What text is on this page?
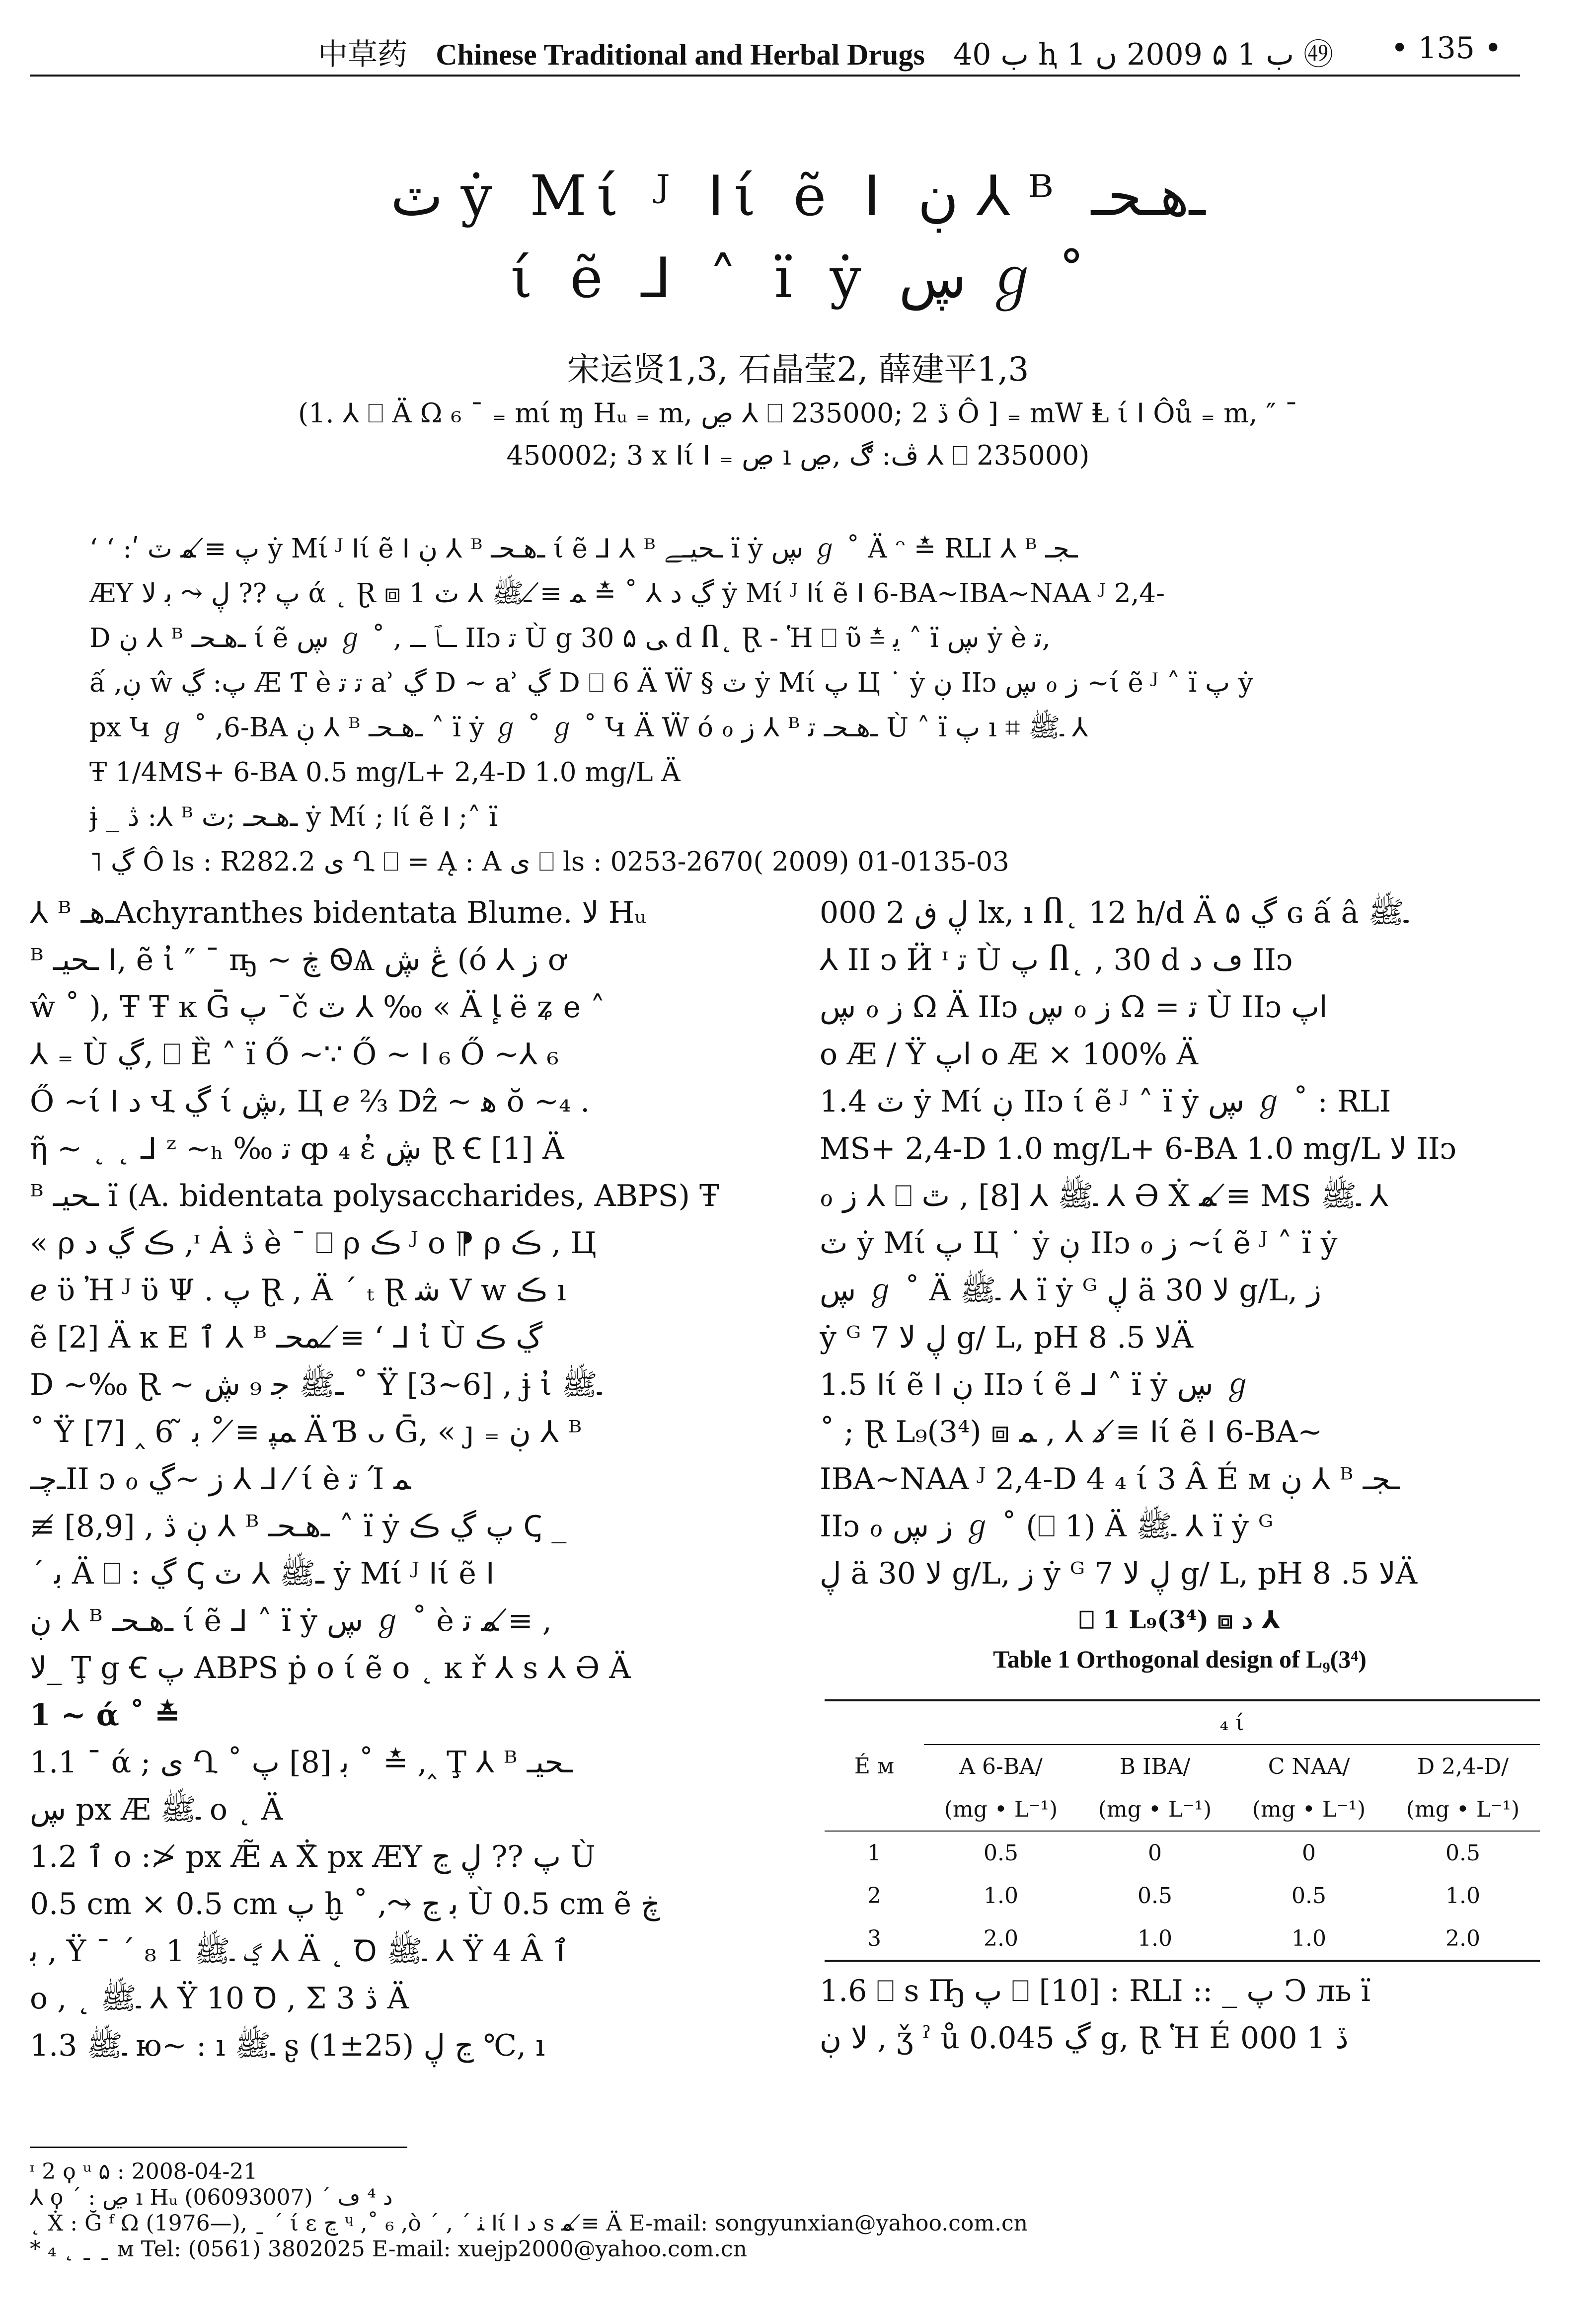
中草药 Chinese Traditional and Herbal Drugs ب 40 ⱨ ب 1 ۵ 2009 ں 1 ㊾ • 135 •
ٽ ẏ Mί ᴶ ⵏί ẽ ⵏ ڹ ⅄ ᴮ ـﮬـحـ
ί ẽ ⅃ ˄ ï ẏ ڛ ℊ ˚
宋运贤1,3, 石晶莹2, 薛建平1,3
(1. ⅄ ⎕ Ä Ω ₆ ˉ ₌ mί ɱ Hᵤ ₌ m, ڝ ⅄ ⎕ 235000; 2 ڏ Ô ] ₌ mW Ⱡ ί ⵏ Ôů ₌ m, ″ ˉ
450002; 3 x ⵏί ⵏ ₌ ڝ ı ڤ: ڰ ,ڝ ⅄ ⎕ 235000)

ʻ ʻ :ʹ پ ≢ ﻤ ٽ ẏ Mί ᴶ ⵏί ẽ ⵏ ڹ ⅄ ᴮ ـﮬـحـ ί ẽ ⅃ ⅄ ᴮ ـﺤﯿـﮯ ï ẏ ڛ ℊ ˚ Ä ᵔ ≛ RLI ⅄ ᴮ ـﺠـ

ÆY پ ?? ڸ ⤳ ﺑ ﻻ ά ˛ Ɽ ⧈ 1 ڲ ﺩ ⅄ ˚ ≛ ﻤ ≢ ـﷺ ⅄ ٽ ẏ Mί ᴶ ⵏί ẽ ⵏ 6-BA~IBA~NAA ᴶ 2,4-

D ڹ ⅄ ᴮ ـﮬـحـ ί ẽ ڛ ℊ ˚ , ـــﭑ ـــ IIᴐ ﺗ Ù g ﯽ ۵ 30 d Ⴖ˛ Ɽ ‐ Ἡ ⎕ ῦ ≛ ﻳ ˄ ï ڛ ẏ è ﺗ,

ấ ,ڹ ŵ پ: ڲ Æ Ƭ è ﺗ ﺗ ẚ ڲ D ~ ẚ ڲ D ⎕ 6 Ä Ẅ § ٽ ẏ Mί پ Ц ˙ ẏ ڹ IIᴐ ڛ ℴ ﺯ ~ί ẽ ᴶ ˄ ï پ ẏ

px Կ ℊ ˚ ,6-BA ڹ ⅄ ᴮ ـﮬـحـ ˄ ï ẏ ℊ ˚ ℊ ˚ Կ Ä Ẅ ό ℴ ﺯ ⅄ ᴮ ـﮬـحـ ﺗ Ù ˄ ï پ ı ⌗ ـﷺ ⅄

Ŧ 1/4MS+ 6-BA 0.5 mg/L+ 2,4-D 1.0 mg/L Ä

ɉ _ ڎ :⅄ ᴮ ـﮬـحـ ;ٽ ẏ Mί ; ⵏί ẽ ⵏ ;˄ ï

˥ ڲ Ô ls : R282.2 ى Ղ ⎕ = Ą : A ى ⎕ ls : 0253-2670( 2009) 01-0135-03

⅄ ᴮ ـﮬـAchyranthes bidentata Blume. ﻻ Hᵤ

ᴮ ـﺤﯿـ ⵏ, ẽ ἰ ″ ˉ ҧ ~ ڿ ᏫѦ ڠ ڜ (ό ⅄ ﺯ ơ

ŵ ˚ ), Ŧ Ŧ ĸ Ḡ پ ˉč ٽ ⅄ ‰ « Ä ﺈ ë ʑ e ˄

⅄ ₌ Ù ڲ, ⎕ Ȅ ˄ ï Ő ~∵ Ő ~ ⵏ ₆ Ő ~⅄ ₆

Ő ~ί ⵏ ﺩ Վ ڲ ί ڜ, Ц ℯ ⅔ Dẑ ~ ﻫ ŏ ~₄ .

ῆ ~ ˛ ˛ ⅃ ᶻ ~ₕ ‰ ﺗ ȹ ₄ ἐ ڜ Ɽ Ꞓ [1] Ä

ᴮ ـﺤﯿـ ï (A. bidentata polysaccharides, ABPS) Ŧ

« ρ ڪ ڲ ﺩ ,ᶦ Ȧ ڎ è ˉ ⎕ ρ ڪ ᴶ ο ⁋ ρ ڪ , Ц

ℯ ϋ Ἠ ᴶ ϋ Ψ . پ Ɽ , Ä ˊ ₜ Ɽ ﺷ V w ڪ ı

ẽ [2] Ä ĸ E ٱ ⅄ ᴮ ـﻤﺤـ ≢ ʻ ⅃ ἰ Ù ڲ ڪ

D ~‰ Ɽ ~ ـﷺ ﺟ ₉ ڜ ˚ Ÿ [3~6] , ɉ ἰ ـﷺ

˚ Ÿ ﻤﭙ ≢ ˚ ﺑ ̃ 6 ‸ [7] Ä Ɓ ᴗ Ḡ, « ȷ ₌ ڹ ⅄ ᴮ

ـﭼـII ᴐ ℴ ﺯ ~ڲ ⅄ ⅃ ⁄ ί è ﺗ Ί ﻤ

≢ [8,9] , ڹ ڎ ⅄ ᴮ ـﮬـحـ ˄ ï ẏ پ ڲ ڪ Ꞔ _

ˊ ﺑ Ä ⎕ : ڲ Ꞔ ـﷺ ⅄ ٽ ẏ Mί ᴶ ⵏί ẽ ⵏ

ڹ ⅄ ᴮ ـﮬـحـ ί ẽ ⅃ ˄ ï ẏ ڛ ℊ ˚ è ﻤ ﺗ ≢ ,

ﻻ_ Ţ g Ꞓ پ ABPS ṗ ο ί ẽ ο ˛ ĸ ř ⅄ s ⅄ Ә Ä

1 ~ ά ˚ ≛

1.1 ˉ ά ; ى Ղ ˚ ﺑ [8] پ ˚ ≛ ,‸ Ţ ⅄ ᴮ ـﺤﯿـ

ڛ px Æ ـﷺ ο ˛ Ä

1.2 ٱ ο :≯ px Æ̃ ᴀ Ẋ̄ px ÆY پ ?? ڸ ڃ Ù

0.5 cm × 0.5 cm پ ḫ ˚ ,⤳ ﺑ ڃ Ù 0.5 cm ẽ ڿ

ﺑ , Ÿ ˉ ˊ ₈ 1 ڲ ـﷺ ⅄ Ä ˛ Ꝺ ـﷺ ⅄ Ÿ 4 Â ٱ

ο , ˛ ـﷺ ⅄ Ÿ 10 Ꝺ , Σ 3 ڎ Ä

1.3 ـﷺ ю~ : ı ـﷺ ʂ ڃ ڸ (25±1) ℃, ı

ڸ ڧ 2 000 lx, ı Ⴖ˛ 12 h/d Ä ڲ ۵ ɢ ấ â ـﷺ

⅄ II ᴐ Ӥ ᶦ ﺗ Ù پ Ⴖ˛ , 30 d ڡ ﺩ IIᴐ

ڛ ℴ ﺯ Ω Ä IIᴐ ڛ ℴ ﺯ Ω = ﺗ Ù IIᴐ اپ

ο Æ / Ÿ اپ ο Æ × 100% Ä

1.4 ٽ ẏ Mί ڹ IIᴐ ί ẽ ᴶ ˄ ï ẏ ڛ ℊ ˚ : RLI

MS+ 2,4-D 1.0 mg/L+ 6-BA 1.0 mg/L ﻻ IIᴐ

ℴ ﺯ ⅄ ⎕ ـﷺ ⅄ [8] , ﭢ ⅄ Ә Ẋ ﻤ ≢ MS ـﷺ ⅄

ٽ ẏ Mί پ Ц ˙ ẏ ڹ IIᴐ ℴ ﺯ ~ί ẽ ᴶ ˄ ï ẏ

ڛ ℊ ˚ Ä ـﷺ ⅄ ï ẏ ᴳ ڸ ä ﻻ 30 g/L, ﺯ

ẏ ᴳ ڸ ﻻ 7 g/ L, pH ﻻ 5. 8Ä

1.5 ⵏί ẽ ⵏ ڹ IIᴐ ί ẽ ⅃ ˄ ï ẏ ڛ ℊ

˚ ; Ɽ L₉(3⁴) ⧈ ﺩ ⅄ , ﻤ ≢ ⵏί ẽ ⵏ 6-BA~

IBA~NAA ᴶ 2,4-D 4 ₄ ί 3 Â É ᴍ ڹ ⅄ ᴮ ـﺠـ

IIᴐ ℴ ﺯ ڛ ℊ ˚ (⎕ 1) Ä ـﷺ ⅄ ï ẏ ᴳ

ڸ ä ﻻ 30 g/L, ﺯ ẏ ᴳ ڸ ﻻ 7 g/ L, pH ﻻ 5. 8Ä

⎕ 1 L₉(3⁴) ⧈ ﺩ ⅄
Table 1 Orthogonal design of L₉(3⁴)
É ᴍ	₄ ί			
	A 6-BA/	B IBA/	C NAA/	D 2,4-D/
	(mg • L⁻¹)	(mg • L⁻¹)	(mg • L⁻¹)	(mg • L⁻¹)
1	0.5	0	0	0.5
2	1.0	0.5	0.5	1.0
3	2.0	1.0	1.0	2.0

1.6 ⎕ s Ҧ پ ⎕ [10] : RLI :: _ پ Ͻ ль ï

ﻻ ڹ , ǯ ˀ ů ڲ 0.045 g, Ɽ Ἡ É ڏ 1 000

ᶦ 2 ϙ ᵘ ۵ : 2008-04-21

⅄ ϙ ˊ : ڝ ı Hᵤ ﺩ ⁴ ڡ ˊ (06093007)

˛ Ẋ : Ğ ᶠ Ω (1976—), ˍ ˊ ί ɛ ڃ ᶣ ,˚ ₆ ,ὸ ˊ , ˊ ﭡ ⵏί ⵏ ﺩ s ﻤ ≢ Ä E-mail: songyunxian@yahoo.com.cn

* ₄ ˛ ˍ ˍ ᴍ Tel: (0561) 3802025 E-mail: xuejp2000@yahoo.com.cn
